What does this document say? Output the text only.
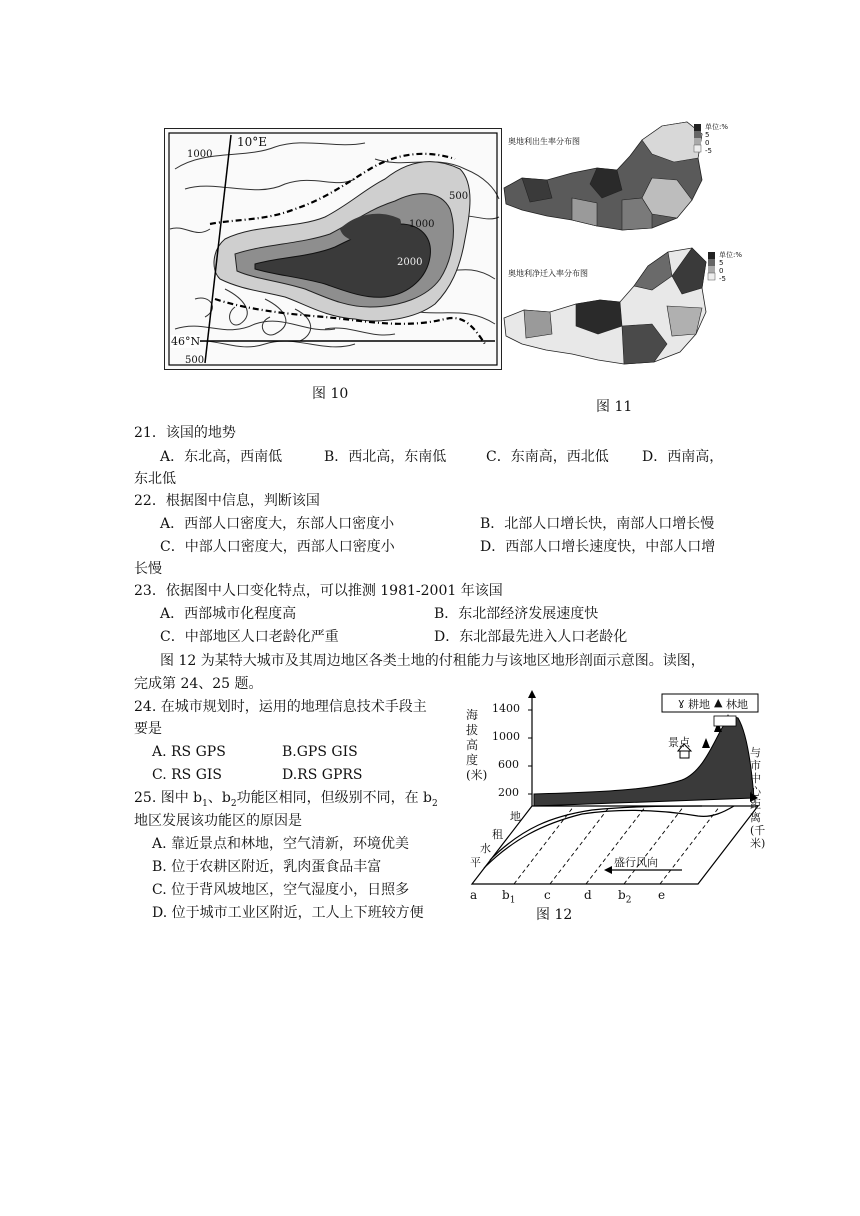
10°E
46°N
1000
1000
2000
500
500
图 10
奥地利出生率分布图
单位:%
5
0
-5
奥地利净迁入率分布图
单位:%
5
0
-5
图 11
21．该国的地势
A．东北高，西南低	B．西北高，东南低	C．东南高，西北低 D．西南高，
东北低
22．根据图中信息，判断该国
A．西部人口密度大，东部人口密度小	B．北部人口增长快，南部人口增长慢
C．中部人口密度大，西部人口密度小	D．西部人口增长速度快，中部人口增
长慢
23．依据图中人口变化特点，可以推测 1981-2001 年该国
A．西部城市化程度高	B．东北部经济发展速度快
C．中部地区人口老龄化严重	D．东北部最先进入人口老龄化
图 12 为某特大城市及其周边地区各类土地的付租能力与该地区地形剖面示意图。读图，
完成第 24、25 题。
24. 在城市规划时，运用的地理信息技术手段主
要是
A. RS GPS	B.GPS GIS
C. RS GIS	D.RS GPRS
25. 图中 $b_1$、$b_2$功能区相同，但级别不同，在 $b_2$
地区发展该功能区的原因是
A. 靠近景点和林地，空气清新，环境优美
B. 位于农耕区附近，乳肉蛋食品丰富
C. 位于背风坡地区，空气湿度小，日照多
D. 位于城市工业区附近，工人上下班较方便
ɣ 耕地 ▲ 林地
海拔高度(米)
1400
1000
600
200
景点
与市中心距离(千米)
地
租
水
平	盛行风向
a $b_1$ c	d $b_2$ e
图 12
